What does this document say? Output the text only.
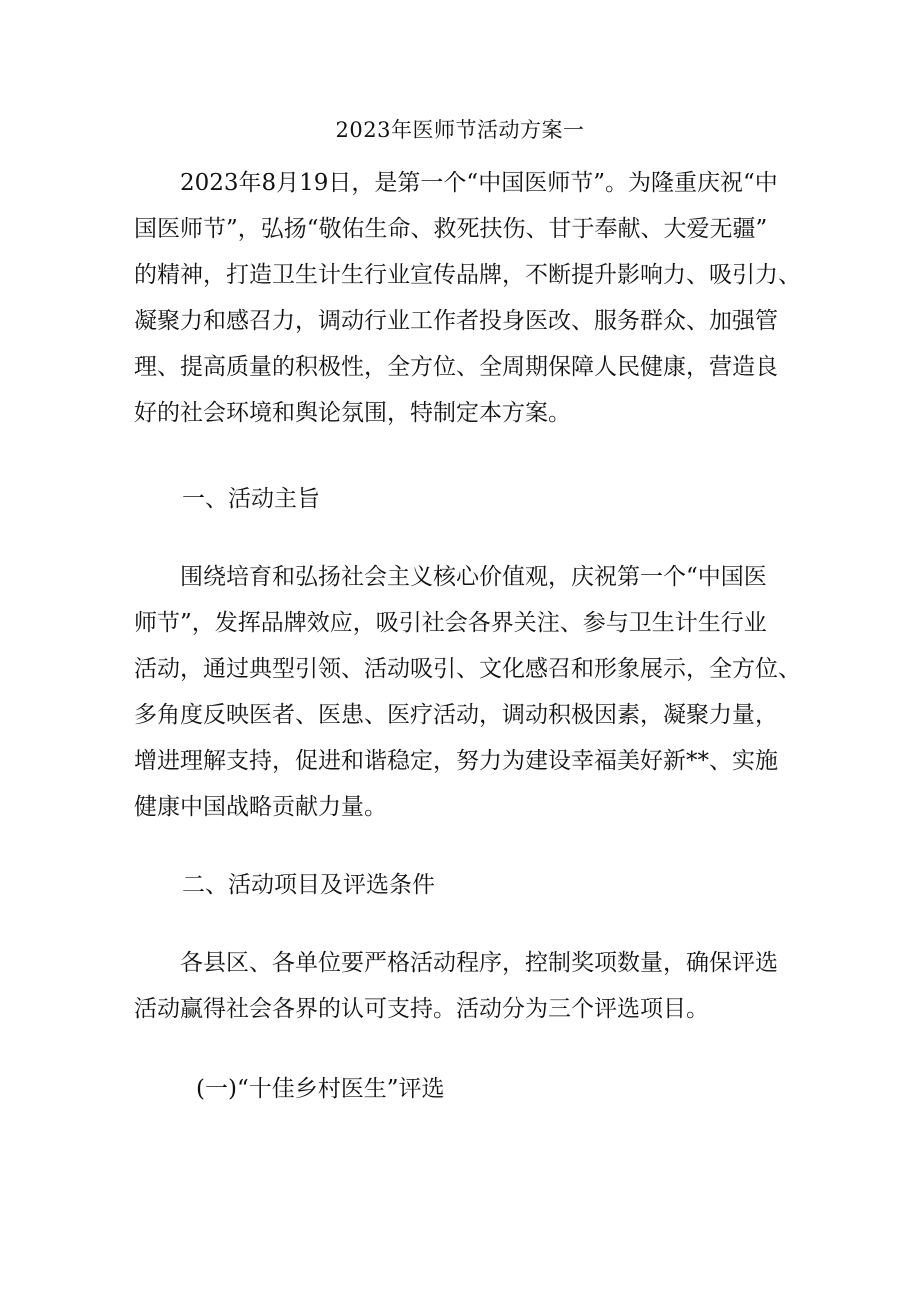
2023年医师节活动方案一
2023年8月19日，是第一个“中国医师节”。为隆重庆祝“中
国医师节”，弘扬“敬佑生命、救死扶伤、甘于奉献、大爱无疆”
的精神，打造卫生计生行业宣传品牌，不断提升影响力、吸引力、
凝聚力和感召力，调动行业工作者投身医改、服务群众、加强管
理、提高质量的积极性，全方位、全周期保障人民健康，营造良
好的社会环境和舆论氛围，特制定本方案。
一、活动主旨
围绕培育和弘扬社会主义核心价值观，庆祝第一个“中国医
师节”，发挥品牌效应，吸引社会各界关注、参与卫生计生行业
活动，通过典型引领、活动吸引、文化感召和形象展示，全方位、
多角度反映医者、医患、医疗活动，调动积极因素，凝聚力量，
增进理解支持，促进和谐稳定，努力为建设幸福美好新**、实施
健康中国战略贡献力量。
二、活动项目及评选条件
各县区、各单位要严格活动程序，控制奖项数量，确保评选
活动赢得社会各界的认可支持。活动分为三个评选项目。
(一)“十佳乡村医生”评选
